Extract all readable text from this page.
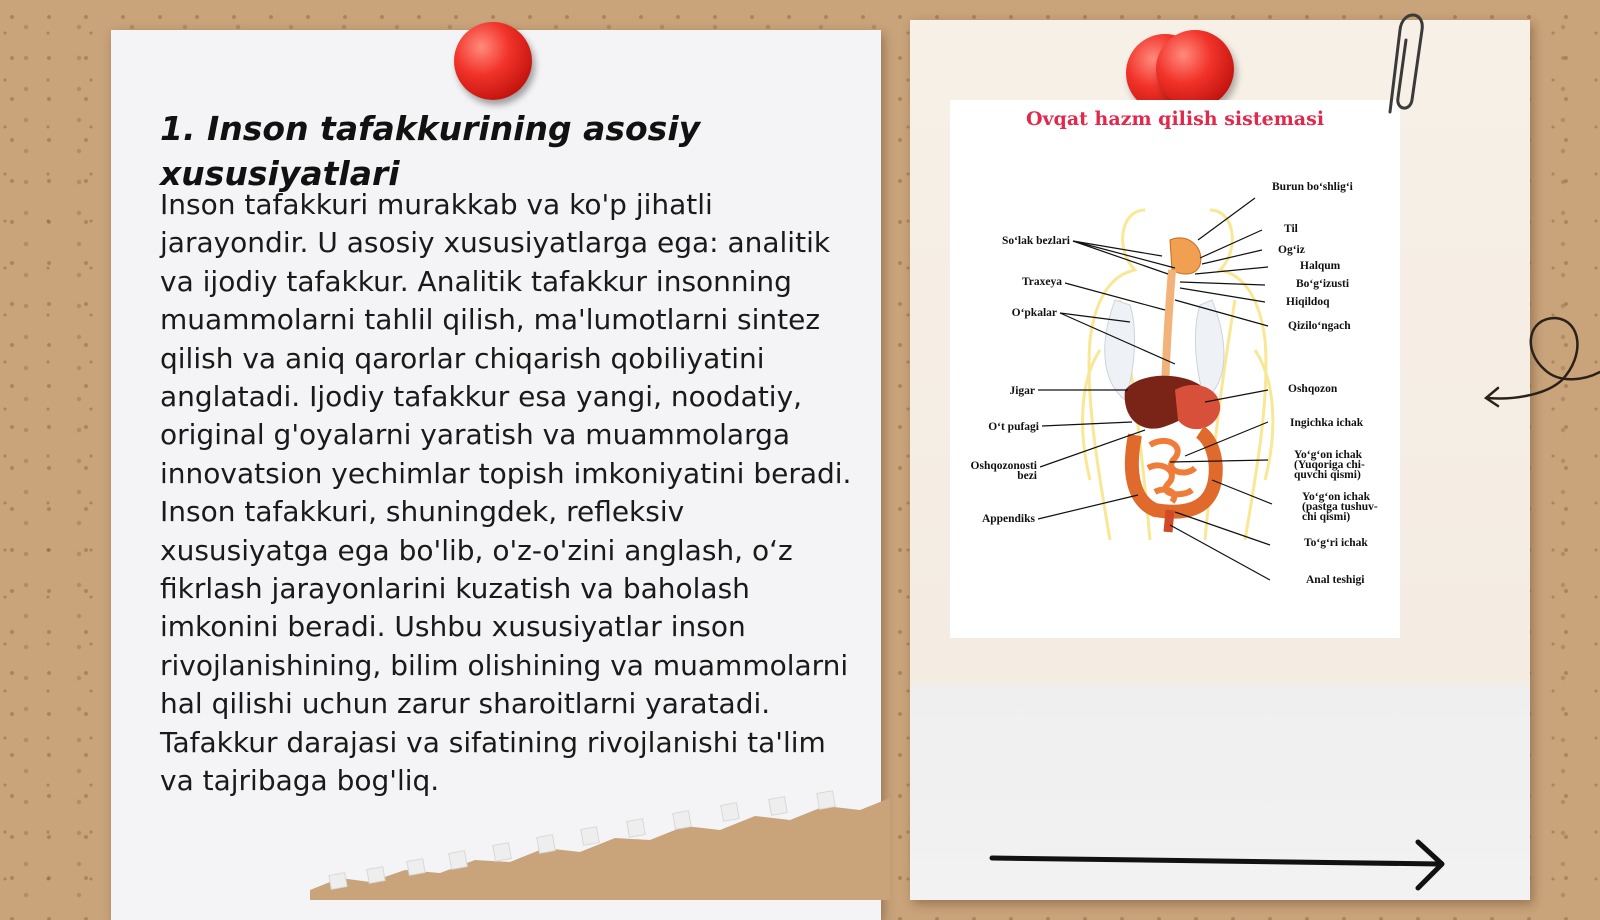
1. Inson tafakkurining asosiy xususiyatlari

Inson tafakkuri murakkab va ko'p jihatli jarayondir. U asosiy xususiyatlarga ega: analitik va ijodiy tafakkur. Analitik tafakkur insonning muammolarni tahlil qilish, ma'lumotlarni sintez qilish va aniq qarorlar chiqarish qobiliyatini anglatadi. Ijodiy tafakkur esa yangi, noodatiy, original g'oyalarni yaratish va muammolarga innovatsion yechimlar topish imkoniyatini beradi. Inson tafakkuri, shuningdek, refleksiv xususiyatga ega bo'lib, o'z-o'zini anglash, o‘z fikrlash jarayonlarini kuzatish va baholash imkonini beradi. Ushbu xususiyatlar inson rivojlanishining, bilim olishining va muammolarni hal qilishi uchun zarur sharoitlarni yaratadi. Tafakkur darajasi va sifatining rivojlanishi ta'lim va tajribaga bog'liq.

Ovqat hazm qilish sistemasi
So‘lak bezlari
Traxeya
O‘pkalar
Jigar
O‘t pufagi
Oshqozonosti bezi
Appendiks
Burun bo‘shlig‘i
Til
Og‘iz
Halqum
Bo‘g‘izusti
Hiqildoq
Qizilo‘ngach
Oshqozon
Ingichka ichak
Yo‘g‘on ichak
(Yuqoriga chi-
quvchi qismi)
Yo‘g‘on ichak
(pastga tushuv-
chi qismi)
To‘g‘ri ichak
Anal teshigi
